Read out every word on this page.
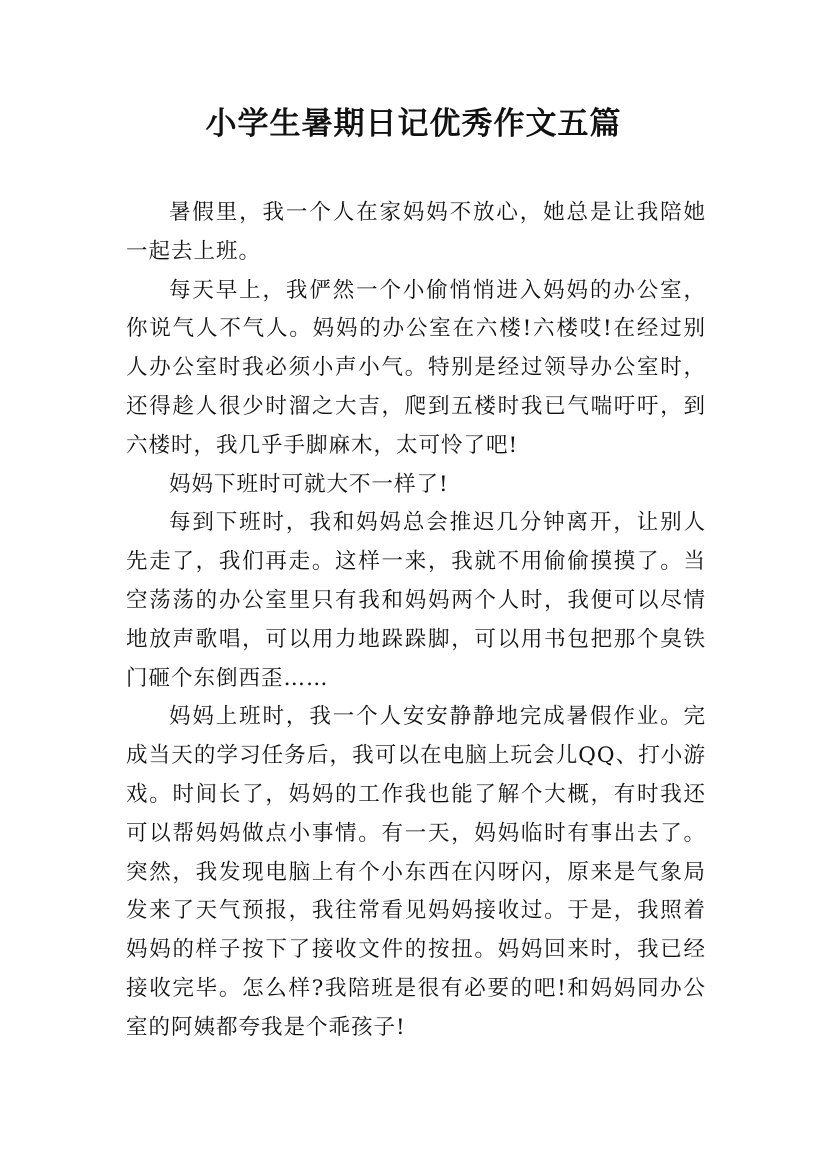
小学生暑期日记优秀作文五篇

暑假里，我一个人在家妈妈不放心，她总是让我陪她一起去上班。

每天早上，我俨然一个小偷悄悄进入妈妈的办公室，你说气人不气人。妈妈的办公室在六楼!六楼哎!在经过别人办公室时我必须小声小气。特别是经过领导办公室时，还得趁人很少时溜之大吉，爬到五楼时我已气喘吁吁，到六楼时，我几乎手脚麻木，太可怜了吧!

妈妈下班时可就大不一样了!

每到下班时，我和妈妈总会推迟几分钟离开，让别人先走了，我们再走。这样一来，我就不用偷偷摸摸了。当空荡荡的办公室里只有我和妈妈两个人时，我便可以尽情地放声歌唱，可以用力地跺跺脚，可以用书包把那个臭铁门砸个东倒西歪……

妈妈上班时，我一个人安安静静地完成暑假作业。完成当天的学习任务后，我可以在电脑上玩会儿QQ、打小游戏。时间长了，妈妈的工作我也能了解个大概，有时我还可以帮妈妈做点小事情。有一天，妈妈临时有事出去了。突然，我发现电脑上有个小东西在闪呀闪，原来是气象局发来了天气预报，我往常看见妈妈接收过。于是，我照着妈妈的样子按下了接收文件的按扭。妈妈回来时，我已经接收完毕。怎么样?我陪班是很有必要的吧!和妈妈同办公室的阿姨都夸我是个乖孩子!
